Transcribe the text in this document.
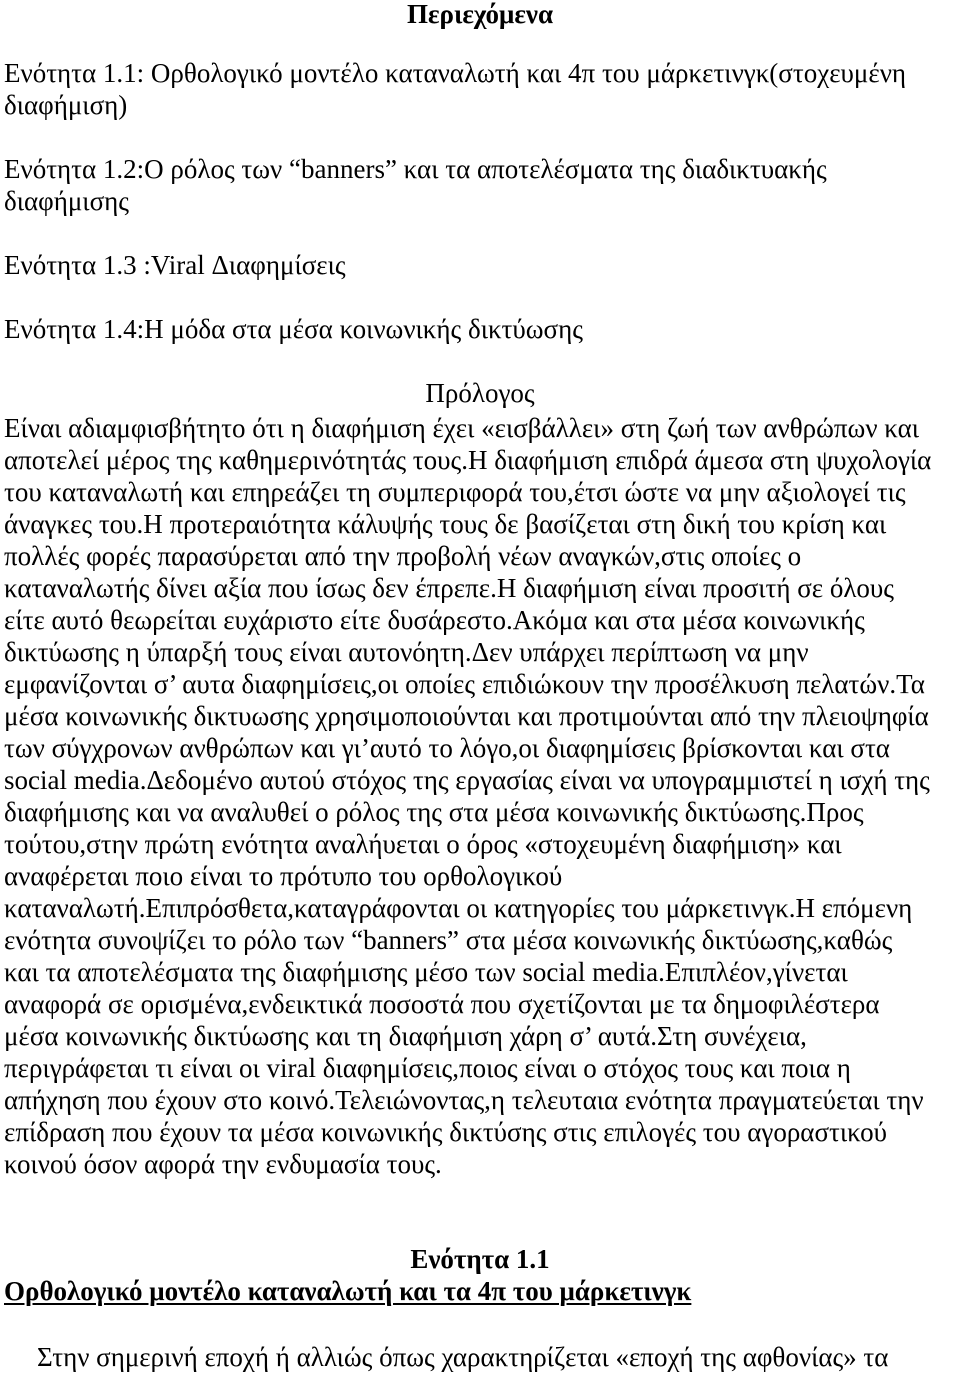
Περιεχόμενα
Ενότητα 1.1: Ορθολογικό μοντέλο καταναλωτή και 4π του μάρκετινγκ(στοχευμένη
διαφήμιση)
Ενότητα 1.2:Ο ρόλος των “banners” και τα αποτελέσματα της διαδικτυακής
διαφήμισης
Ενότητα 1.3 :Viral Διαφημίσεις
Ενότητα 1.4:Η μόδα στα μέσα κοινωνικής δικτύωσης
Πρόλογος
Είναι αδιαμφισβήτητο ότι η διαφήμιση έχει «εισβάλλει» στη ζωή των ανθρώπων και
αποτελεί μέρος της καθημερινότητάς τους.Η διαφήμιση επιδρά άμεσα στη ψυχολογία
του καταναλωτή και επηρεάζει τη συμπεριφορά του,έτσι ώστε να μην αξιολογεί τις
άναγκες του.Η προτεραιότητα κάλυψής τους δε βασίζεται στη δική του κρίση και
πολλές φορές παρασύρεται από την προβολή νέων αναγκών,στις οποίες ο
καταναλωτής δίνει αξία που ίσως δεν έπρεπε.Η διαφήμιση είναι προσιτή σε όλους
είτε αυτό θεωρείται ευχάριστο είτε δυσάρεστο.Ακόμα και στα μέσα κοινωνικής
δικτύωσης η ύπαρξή τους είναι αυτονόητη.Δεν υπάρχει περίπτωση να μην
εμφανίζονται σ’ αυτα διαφημίσεις,οι οποίες επιδιώκουν την προσέλκυση πελατών.Τα
μέσα κοινωνικής δικτυωσης χρησιμοποιούνται και προτιμούνται από την πλειοψηφία
των σύγχρονων ανθρώπων και γι’αυτό το λόγο,οι διαφημίσεις βρίσκονται και στα
social media.Δεδομένο αυτού στόχος της εργασίας είναι να υπογραμμιστεί η ισχή της
διαφήμισης και να αναλυθεί ο ρόλος της στα μέσα κοινωνικής δικτύωσης.Προς
τούτου,στην πρώτη ενότητα αναλήυεται ο όρος «στοχευμένη διαφήμιση» και
αναφέρεται ποιο είναι το πρότυπο του ορθολογικού
καταναλωτή.Επιπρόσθετα,καταγράφονται οι κατηγορίες του μάρκετινγκ.Η επόμενη
ενότητα συνοψίζει το ρόλο των “banners” στα μέσα κοινωνικής δικτύωσης,καθώς
και τα αποτελέσματα της διαφήμισης μέσο των social media.Επιπλέον,γίνεται
αναφορά σε ορισμένα,ενδεικτικά ποσοστά που σχετίζονται με τα δημοφιλέστερα
μέσα κοινωνικής δικτύωσης και τη διαφήμιση χάρη σ’ αυτά.Στη συνέχεια,
περιγράφεται τι είναι οι viral διαφημίσεις,ποιος είναι ο στόχος τους και ποια η
απήχηση που έχουν στο κοινό.Τελειώνοντας,η τελευταια ενότητα πραγματεύεται την
επίδραση που έχουν τα μέσα κοινωνικής δικτύσης στις επιλογές του αγοραστικού
κοινού όσον αφορά την ενδυμασία τους.
Ενότητα 1.1
Ορθολογικό μοντέλο καταναλωτή και τα 4π του μάρκετινγκ
Στην σημερινή εποχή ή αλλιώς όπως χαρακτηρίζεται «εποχή της αφθονίας» τα
